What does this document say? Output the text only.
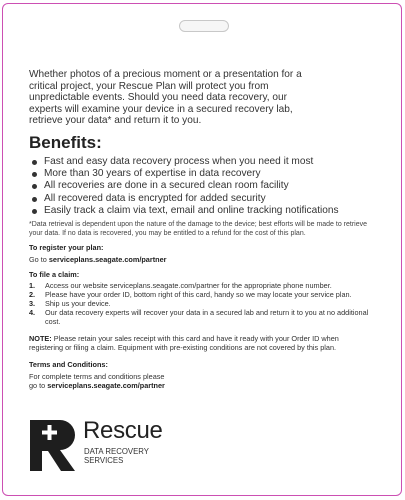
Whether photos of a precious moment or a presentation for a critical project, your Rescue Plan will protect you from unpredictable events. Should you need data recovery, our experts will examine your device in a secured recovery lab, retrieve your data* and return it to you.

Benefits:
Fast and easy data recovery process when you need it most
More than 30 years of expertise in data recovery
All recoveries are done in a secured clean room facility
All recovered data is encrypted for added security
Easily track a claim via text, email and online tracking notifications

*Data retrieval is dependent upon the nature of the damage to the device; best efforts will be made to retrieve your data. If no data is recovered, you may be entitled to a refund for the cost of this plan.

To register your plan:
Go to serviceplans.seagate.com/partner
To file a claim:
1.	Access our website serviceplans.seagate.com/partner for the appropriate phone number.
2.	Please have your order ID, bottom right of this card, handy so we may locate your service plan.
3.	Ship us your device.
4.	Our data recovery experts will recover your data in a secured lab and return it to you at no additional cost.

NOTE: Please retain your sales receipt with this card and have it ready with your Order ID when registering or filing a claim. Equipment with pre-existing conditions are not covered by this plan.

Terms and Conditions:
For complete terms and conditions please
go to serviceplans.seagate.com/partner
Rescue
DATA RECOVERY
SERVICES
